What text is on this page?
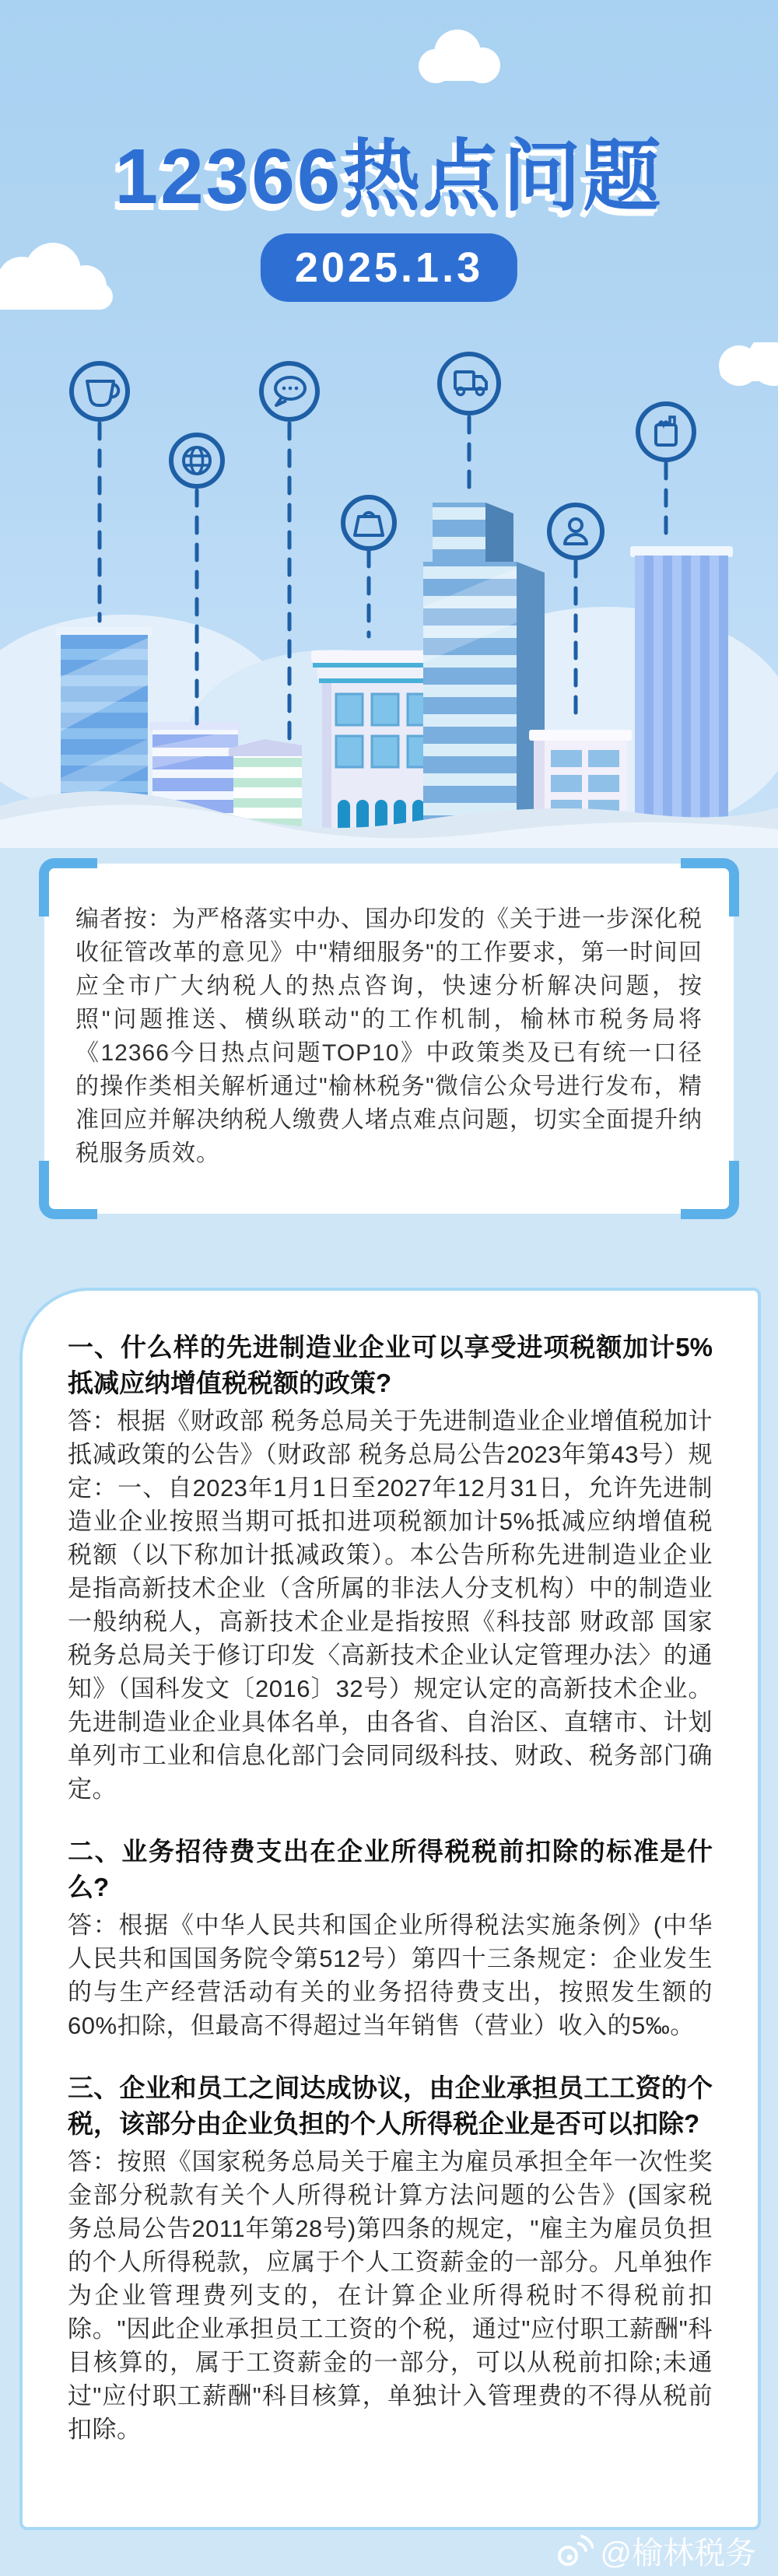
12366热点问题
2025.1.3
编者按：为严格落实中办、国办印发的《关于进一步深化税收征管改革的意见》中"精细服务"的工作要求，第一时间回应全市广大纳税人的热点咨询，快速分析解决问题，按照"问题推送、横纵联动"的工作机制，榆林市税务局将《12366今日热点问题TOP10》中政策类及已有统一口径的操作类相关解析通过"榆林税务"微信公众号进行发布，精准回应并解决纳税人缴费人堵点难点问题，切实全面提升纳税服务质效。
一、什么样的先进制造业企业可以享受进项税额加计5%抵减应纳增值税税额的政策?
答：根据《财政部 税务总局关于先进制造业企业增值税加计抵减政策的公告》（财政部 税务总局公告2023年第43号）规定：一、自2023年1月1日至2027年12月31日，允许先进制造业企业按照当期可抵扣进项税额加计5%抵减应纳增值税税额（以下称加计抵减政策）。本公告所称先进制造业企业是指高新技术企业（含所属的非法人分支机构）中的制造业一般纳税人，高新技术企业是指按照《科技部 财政部 国家税务总局关于修订印发〈高新技术企业认定管理办法〉的通知》（国科发文〔2016〕32号）规定认定的高新技术企业。先进制造业企业具体名单，由各省、自治区、直辖市、计划单列市工业和信息化部门会同同级科技、财政、税务部门确定。
二、业务招待费支出在企业所得税税前扣除的标准是什么?
答：根据《中华人民共和国企业所得税法实施条例》(中华人民共和国国务院令第512号）第四十三条规定：企业发生的与生产经营活动有关的业务招待费支出，按照发生额的60%扣除，但最高不得超过当年销售（营业）收入的5‰。
三、企业和员工之间达成协议，由企业承担员工工资的个税，该部分由企业负担的个人所得税企业是否可以扣除?
答：按照《国家税务总局关于雇主为雇员承担全年一次性奖金部分税款有关个人所得税计算方法问题的公告》(国家税务总局公告2011年第28号)第四条的规定，"雇主为雇员负担的个人所得税款，应属于个人工资薪金的一部分。凡单独作为企业管理费列支的，在计算企业所得税时不得税前扣除。"因此企业承担员工工资的个税，通过"应付职工薪酬"科目核算的，属于工资薪金的一部分，可以从税前扣除;未通过"应付职工薪酬"科目核算，单独计入管理费的不得从税前扣除。
@榆林税务
